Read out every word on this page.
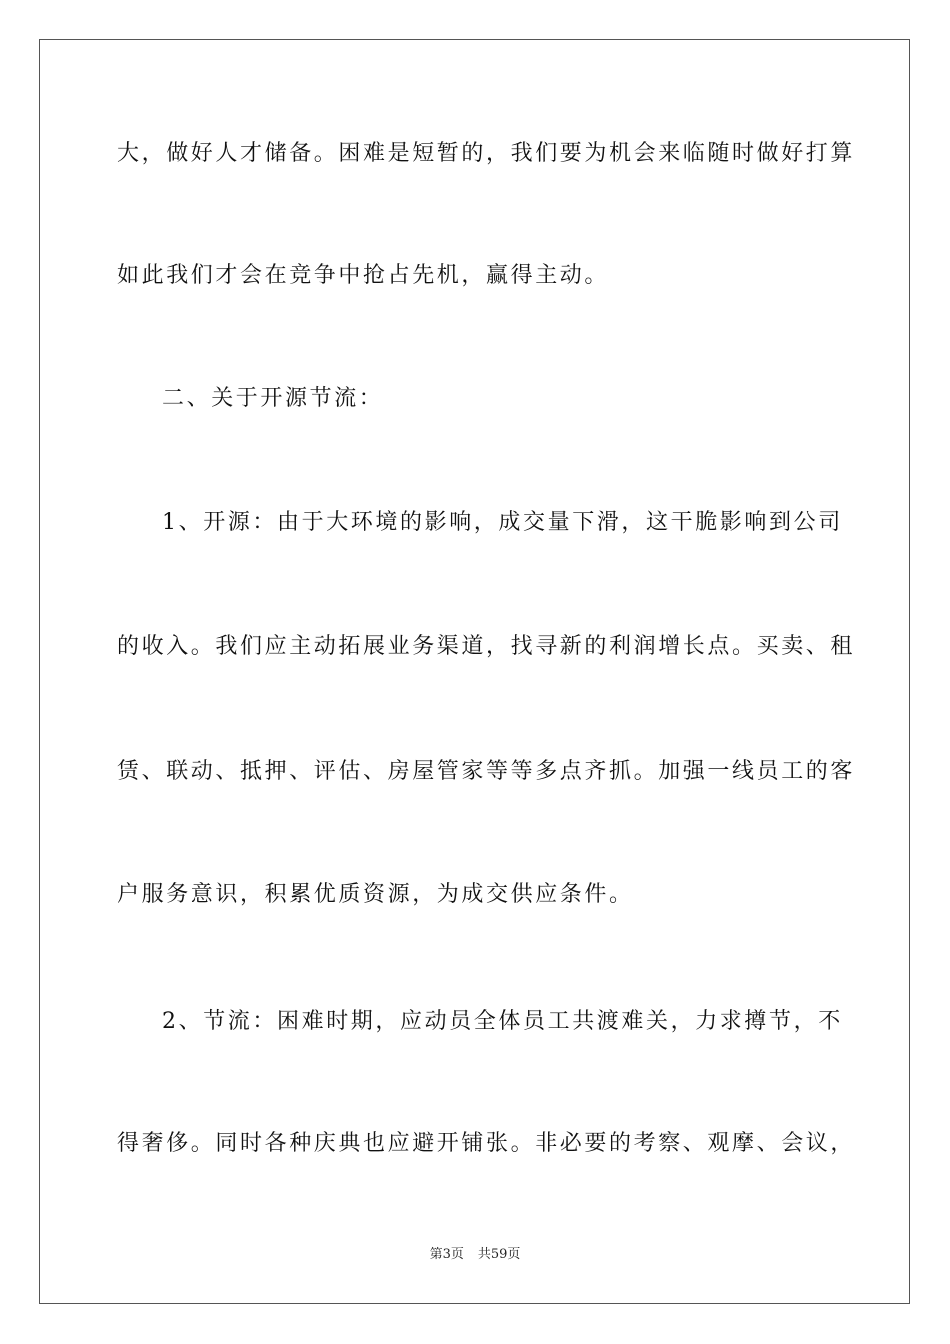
大，做好人才储备。困难是短暂的，我们要为机会来临随时做好打算
如此我们才会在竞争中抢占先机，赢得主动。
二、关于开源节流：
1、开源：由于大环境的影响，成交量下滑，这干脆影响到公司
的收入。我们应主动拓展业务渠道，找寻新的利润增长点。买卖、租
赁、联动、抵押、评估、房屋管家等等多点齐抓。加强一线员工的客
户服务意识，积累优质资源，为成交供应条件。
2、节流：困难时期，应动员全体员工共渡难关，力求撙节，不
得奢侈。同时各种庆典也应避开铺张。非必要的考察、观摩、会议，
第3页 共59页
